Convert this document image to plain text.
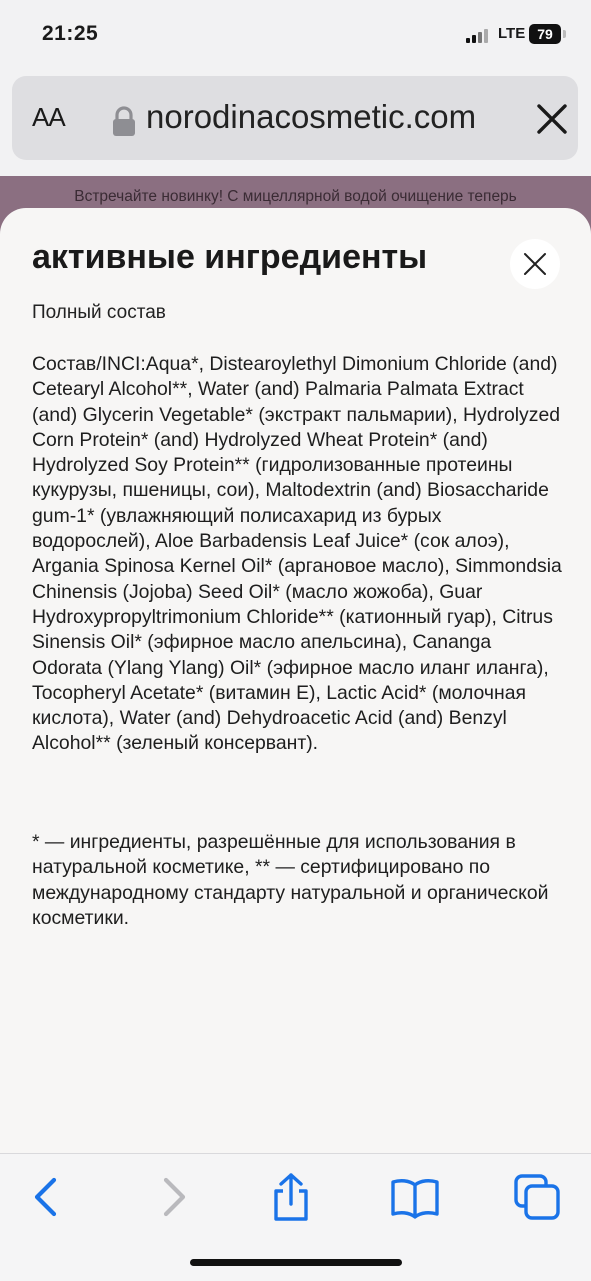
21:25	LTE 79
AA norodinacosmetic.com
Встречайте новинку! С мицеллярной водой очищение теперь
активные ингредиенты
Полный состав

Состав/INCI:Aqua*, Distearoylethyl Dimonium Chloride (and) Cetearyl Alcohol**, Water (and) Palmaria Palmata Extract (and) Glycerin Vegetable* (экстракт пальмарии), Hydrolyzed Corn Protein* (and) Hydrolyzed Wheat Protein* (and) Hydrolyzed Soy Protein** (гидролизованные протеины кукурузы, пшеницы, сои), Maltodextrin (and) Biosaccharide gum-1* (увлажняющий полисахарид из бурых водорослей), Aloe Barbadensis Leaf Juice* (сок алоэ), Argania Spinosa Kernel Oil* (аргановое масло), Simmondsia Chinensis (Jojoba) Seed Oil* (масло жожоба), Guar Hydroxypropyltrimonium Chloride** (катионный гуар), Citrus Sinensis Oil* (эфирное масло апельсина), Cananga Odorata (Ylang Ylang) Oil* (эфирное масло иланг иланга), Tocopheryl Acetate* (витамин E), Lactic Acid* (молочная кислота), Water (and) Dehydroacetic Acid (and) Benzyl Alcohol** (зеленый консервант).

* — ингредиенты, разрешённые для использования в натуральной косметике, ** — сертифицировано по международному стандарту натуральной и органической косметики.
